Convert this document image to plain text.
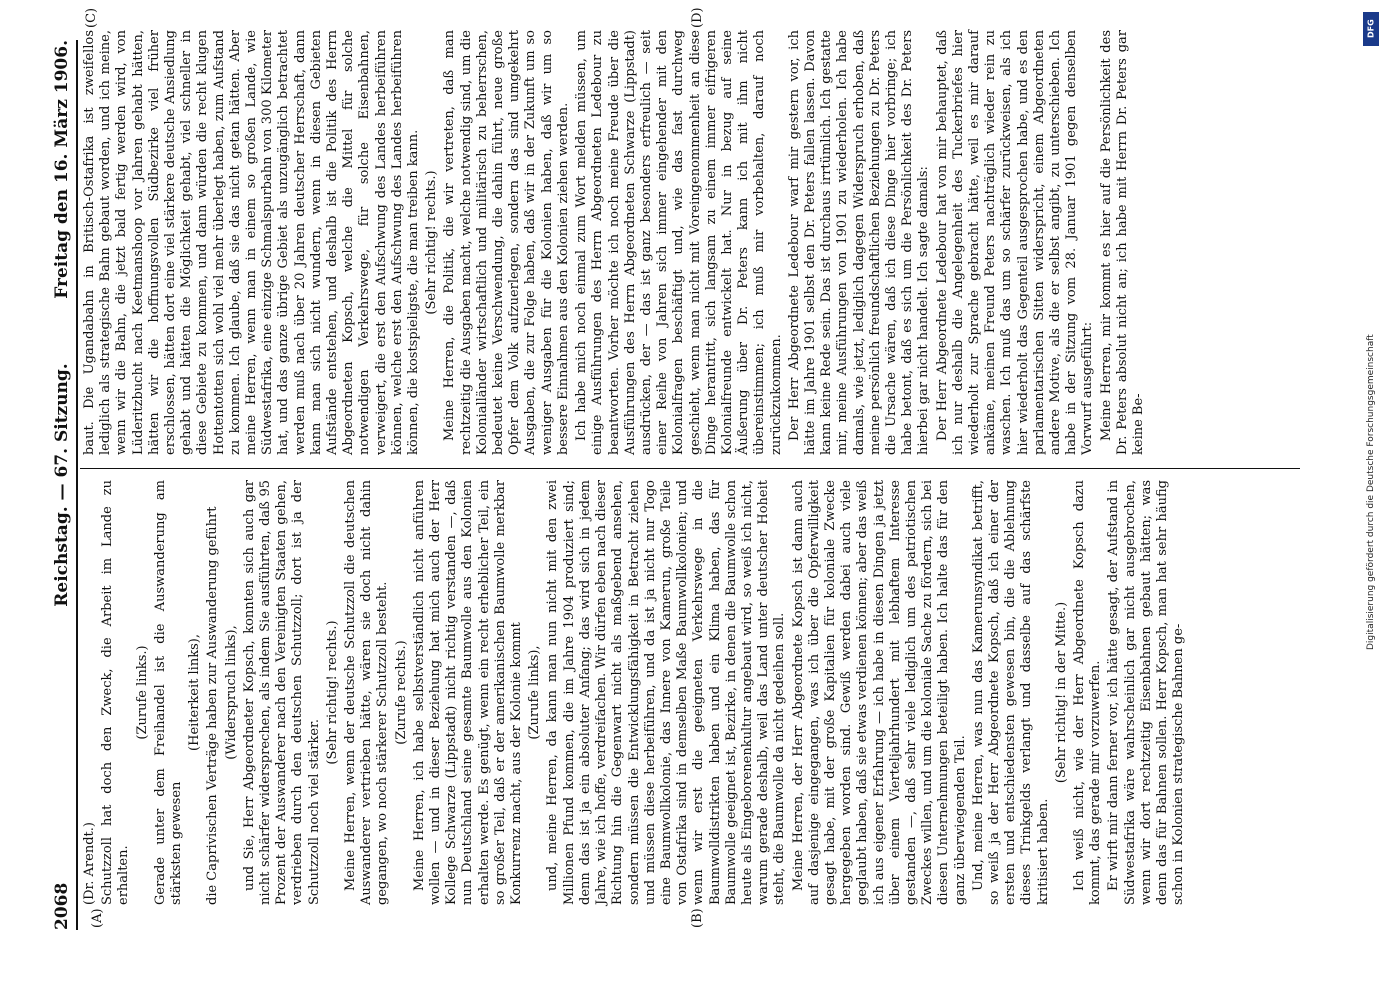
2068
Reichstag. — 67. Sitzung.
Freitag den 16. März 1906.
(A)	(B)
(C)	(D)

(Dr. Arendt.) Schutzzoll hat doch den Zweck, die Arbeit im Lande zu erhalten.

(Zurufe links.) Gerade unter dem Freihandel ist die Auswanderung am stärksten gewesen

(Heiterkeit links), die Caprivischen Verträge haben zur Auswanderung geführt (Widerspruch links), und Sie, Herr Abgeordneter Kopsch, konnten sich auch gar nicht schärfer widersprechen, als indem Sie ausführten, daß 95 Prozent der Auswanderer nach den Vereinigten Staaten gehen, verdrieben durch den deutschen Schutzzoll; dort ist ja der Schutzzoll noch viel stärker.

(Sehr richtig! rechts.) Meine Herren, wenn der deutsche Schutzzoll die deutschen Auswanderer vertrieben hätte, wären sie doch nicht dahin gegangen, wo noch stärkerer Schutzzoll besteht. (Zurufe rechts.) Meine Herren, ich habe selbstverständlich nicht anführen wollen — und in dieser Beziehung hat mich auch der Herr Kollege Schwarze (Lippstadt) nicht richtig verstanden —, daß nun Deutschland seine gesamte Baumwolle aus den Kolonien erhalten werde. Es genügt, wenn ein recht erheblicher Teil, ein so großer Teil, daß er der amerikanischen Baumwolle merkbar Konkurrenz macht, aus der Kolonie kommt (Zurufe links), und, meine Herren, da kann man nun nicht mit den zwei Millionen Pfund kommen, die im Jahre 1904 produziert sind; denn das ist ja ein absoluter Anfang; das wird sich in jedem Jahre, wie ich hoffe, verdreifachen. Wir dürfen eben nach dieser Richtung hin die Gegenwart nicht als maßgebend ansehen, sondern müssen die Entwicklungsfähigkeit in Betracht ziehen und müssen diese herbeiführen, und da ist ja nicht nur Togo eine Baumwollkolonie, das Innere von Kamerun, große Teile von Ostafrika sind in demselben Maße Baumwollkolonien; und wenn wir erst die geeigneten Verkehrswege in die Baumwolldistrikten haben und ein Klima haben, das für Baumwolle geeignet ist, Bezirke, in denen die Baumwolle schon heute als Eingeborenenkultur angebaut wird, so weiß ich nicht, warum gerade deshalb, weil das Land unter deutscher Hoheit steht, die Baumwolle da nicht gedeihen soll. Meine Herren, der Herr Abgeordnete Kopsch ist dann auch auf dasjenige eingegangen, was ich über die Opferwilligkeit gesagt habe, mit der große Kapitalien für koloniale Zwecke hergegeben worden sind. Gewiß werden dabei auch viele geglaubt haben, daß sie etwas verdienen können; aber das weiß ich aus eigener Erfahrung — ich habe in diesen Dingen ja jetzt über einem Vierteljahrhundert mit lebhaftem Interesse gestanden —, daß sehr viele lediglich um des patriotischen Zweckes willen, und um die koloniale Sache zu fördern, sich bei diesen Unternehmungen beteiligt haben. Ich halte das für den ganz überwiegenden Teil. Und, meine Herren, was nun das Kamerunsyndikat betrifft, so weiß ja der Herr Abgeordnete Kopsch, daß ich einer der ersten und entschiedensten gewesen bin, die die Ablehnung dieses Trinkgelds verlangt und dasselbe auf das schärfste kritisiert haben.

(Sehr richtig! in der Mitte.) Ich weiß nicht, wie der Herr Abgeordnete Kopsch dazu kommt, das gerade mir vorzuwerfen. Er wirft mir dann ferner vor, ich hätte gesagt, der Aufstand in Südwestafrika wäre wahrscheinlich gar nicht ausgebrochen, wenn wir dort rechtzeitig Eisenbahnen gebaut hätten; was denn das für Bahnen sollen. Herr Kopsch, man hat sehr häufig schon in Kolonien strategische Bahnen ge-

baut. Die Ugandabahn in Britisch-Ostafrika ist zweifellos lediglich als strategische Bahn gebaut worden, und ich meine, wenn wir die Bahn, die jetzt bald fertig werden wird, von Lüderitzbucht nach Keetmanshoop vor Jahren gehabt hätten, hätten wir die hoffnungsvollen Südbezirke viel früher erschlossen, hätten dort eine viel stärkere deutsche Ansiedlung gehabt und hätten die Möglichkeit gehabt, viel schneller in diese Gebiete zu kommen, und dann würden die recht klugen Hottentotten sich wohl viel mehr überlegt haben, zum Aufstand zu kommen. Ich glaube, daß sie das nicht getan hätten. Aber meine Herren, wenn man in einem so großen Lande, wie Südwestafrika, eine einzige Schmalspurbahn von 300 Kilometer hat, und das ganze übrige Gebiet als unzugänglich betrachtet werden muß nach über 20 Jahren deutscher Herrschaft, dann kann man sich nicht wundern, wenn in diesen Gebieten Aufstände entstehen, und deshalb ist die Politik des Herrn Abgeordneten Kopsch, welche die Mittel für solche notwendigen Verkehrswege, für solche Eisenbahnen, verweigert, die erst den Aufschwung des Landes herbeiführen können, welche erst den Aufschwung des Landes herbeiführen können, die kostspieligste, die man treiben kann. (Sehr richtig! rechts.) Meine Herren, die Politik, die wir vertreten, daß man rechtzeitig die Ausgaben macht, welche notwendig sind, um die Kolonialländer wirtschaftlich und militärisch zu beherrschen, bedeutet keine Verschwendung, die dahin führt, neue große Opfer dem Volk aufzuerlegen, sondern das sind umgekehrt Ausgaben, die zur Folge haben, daß wir in der Zukunft um so weniger Ausgaben für die Kolonien haben, daß wir um so bessere Einnahmen aus den Kolonien ziehen werden. Ich habe mich noch einmal zum Wort melden müssen, um einige Ausführungen des Herrn Abgeordneten Ledebour zu beantworten. Vorher möchte ich noch meine Freude über die Ausführungen des Herrn Abgeordneten Schwarze (Lippstadt) ausdrücken, der — das ist ganz besonders erfreulich — seit einer Reihe von Jahren sich immer eingehender mit den Kolonialfragen beschäftigt und, wie das fast durchweg geschieht, wenn man nicht mit Voreingenommenheit an diese Dinge herantritt, sich langsam zu einem immer eifrigeren Kolonialfreunde entwickelt hat. Nur in bezug auf seine Äußerung über Dr. Peters kann ich mit ihm nicht übereinstimmen; ich muß mir vorbehalten, darauf noch zurückzukommen. Der Herr Abgeordnete Ledebour warf mir gestern vor, ich hätte im Jahre 1901 selbst den Dr. Peters fallen lassen. Davon kann keine Rede sein. Das ist durchaus irrtümlich. Ich gestatte mir, meine Ausführungen von 1901 zu wiederholen. Ich habe damals, wie jetzt, lediglich dagegen Widerspruch erhoben, daß meine persönlich freundschaftlichen Beziehungen zu Dr. Peters die Ursache wären, daß ich diese Dinge hier vorbringe; ich habe betont, daß es sich um die Persönlichkeit des Dr. Peters hierbei gar nicht handelt. Ich sagte damals: Der Herr Abgeordnete Ledebour hat von mir behauptet, daß ich nur deshalb die Angelegenheit des Tuckerbriefes hier wiederholt zur Sprache gebracht hätte, weil es mir darauf ankäme, meinen Freund Peters nachträglich wieder rein zu waschen. Ich muß das um so schärfer zurückweisen, als ich hier wiederholt das Gegenteil ausgesprochen habe, und es den parlamentarischen Sitten widerspricht, einem Abgeordneten andere Motive, als die er selbst angibt, zu unterschieben. Ich habe in der Sitzung vom 28. Januar 1901 gegen denselben Vorwurf ausgeführt: Meine Herren, mir kommt es hier auf die Persönlichkeit des Dr. Peters absolut nicht an; ich habe mit Herrn Dr. Peters gar keine Be-

DFG
Digitalisierung gefördert durch die Deutsche Forschungsgemeinschaft
